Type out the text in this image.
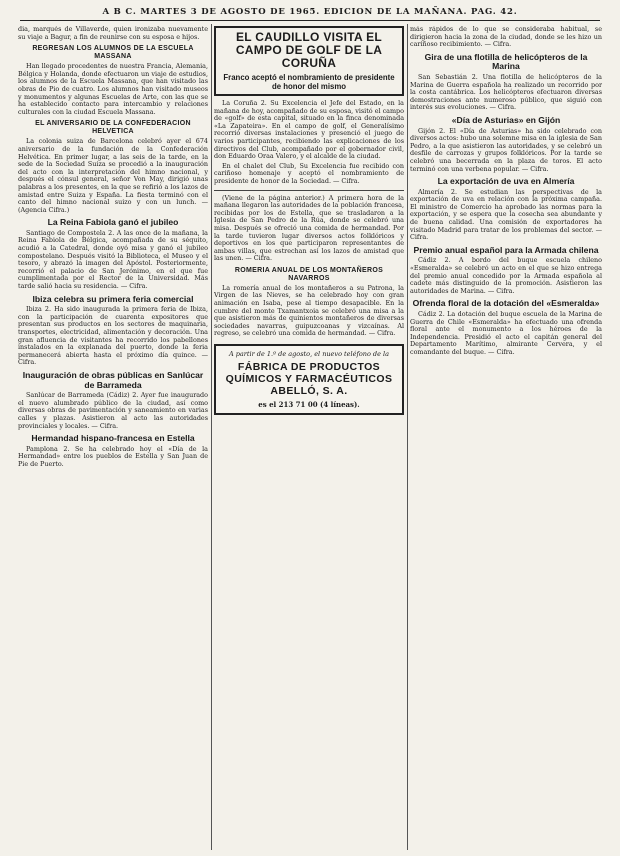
A B C. MARTES 3 DE AGOSTO DE 1965. EDICION DE LA MAÑANA. PAG. 42.
dia, marqués de Villaverde, quien ironizaba nuevamente su viaje a Bagur, a fin de reunirse con su esposa e hijos.
REGRESAN LOS ALUMNOS DE LA ESCUELA MASSANA

Han llegado procedentes de nuestra Francia, Alemania, Bélgica y Holanda, donde efectuaron un viaje de estudios, los alumnos de la Escuela Massana, que han visitado las obras de Pio de cuatro. Los alumnos han visitado museos y monumentos y algunas Escuelas de Arte, con las que se ha establecido contacto para intercambio y relaciones culturales con la ciudad Escuela Massana.

EL ANIVERSARIO DE LA CONFEDERACION HELVETICA

La colonia suiza de Barcelona celebró ayer el 674 aniversario de la fundación de la Confederación Helvética. En primer lugar, a las seis de la tarde, en la sede de la Sociedad Suiza se procedió a la inauguración del acto con la interpretación del himno nacional, y después el cónsul general, señor Von May, dirigió unas palabras a los presentes, en la que se refirió a los lazos de amistad entre Suiza y España. La fiesta terminó con el canto del himno nacional suizo y con un lunch. — (Agencia Cifra.)

La Reina Fabiola ganó el jubileo

Santiago de Compostela 2. A las once de la mañana, la Reina Fabiola de Bélgica, acompañada de su séquito, acudió a la Catedral, donde oyó misa y ganó el jubileo compostelano. Después visitó la Biblioteca, el Museo y el tesoro, y abrazó la imagen del Apóstol. Posteriormente, recorrió el palacio de San Jerónimo, en el que fue cumplimentada por el Rector de la Universidad. Más tarde salió hacia su residencia. — Cifra.

Ibiza celebra su primera feria comercial

Ibiza 2. Ha sido inaugurada la primera feria de Ibiza, con la participación de cuarenta expositores que presentan sus productos en los sectores de maquinaria, transportes, electricidad, alimentación y decoración. Una gran afluencia de visitantes ha recorrido los pabellones instalados en la explanada del puerto, donde la feria permanecerá abierta hasta el próximo día quince. — Cifra.

Inauguración de obras públicas en Sanlúcar de Barrameda

Sanlúcar de Barrameda (Cádiz) 2. Ayer fue inaugurado el nuevo alumbrado público de la ciudad, así como diversas obras de pavimentación y saneamiento en varias calles y plazas. Asistieron al acto las autoridades provinciales y locales. — Cifra.

Hermandad hispano-francesa en Estella

Pamplona 2. Se ha celebrado hoy el «Día de la Hermandad» entre los pueblos de Estella y San Juan de Pie de Puerto.

EL CAUDILLO VISITA EL CAMPO DE GOLF DE LA CORUÑA
Franco aceptó el nombramiento de presidente de honor del mismo

La Coruña 2. Su Excelencia el Jefe del Estado, en la mañana de hoy, acompañado de su esposa, visitó el campo de «golf» de esta capital, situado en la finca denominada «La Zapateira». En el campo de golf, el Generalísimo recorrió diversas instalaciones y presenció el juego de varios participantes, recibiendo las explicaciones de los directivos del Club, acompañado por el gobernador civil, don Eduardo Oraa Valero, y el alcalde de la ciudad.

En el chalet del Club, Su Excelencia fue recibido con cariñoso homenaje y aceptó el nombramiento de presidente de honor de la Sociedad. — Cifra.

(Viene de la página anterior.) A primera hora de la mañana llegaron las autoridades de la población francesa, recibidas por los de Estella, que se trasladaron a la Iglesia de San Pedro de la Rúa, donde se celebró una misa. Después se ofreció una comida de hermandad. Por la tarde tuvieron lugar diversos actos folklóricos y deportivos en los que participaron representantes de ambas villas, que estrechan así los lazos de amistad que las unen. — Cifra.

ROMERIA ANUAL DE LOS MONTAÑEROS NAVARROS

La romería anual de los montañeros a su Patrona, la Virgen de las Nieves, se ha celebrado hoy con gran animación en Isaba, pese al tiempo desapacible. En la cumbre del monte Txamantxoia se celebró una misa a la que asistieron más de quinientos montañeros de diversas sociedades navarras, guipuzcoanas y vizcaínas. Al regreso, se celebró una comida de hermandad. — Cifra.

A partir de 1.º de agosto, el nuevo teléfono de la
FÁBRICA DE PRODUCTOS QUÍMICOS Y FARMACÉUTICOS ABELLÓ, S. A.
es el 213 71 00 (4 líneas).
más rápidos de lo que se consideraba habitual, se dirigieron hacia la zona de la ciudad, donde se les hizo un cariñoso recibimiento. — Cifra.
Gira de una flotilla de helicópteros de la Marina

San Sebastián 2. Una flotilla de helicópteros de la Marina de Guerra española ha realizado un recorrido por la costa cantábrica. Los helicópteros efectuaron diversas demostraciones ante numeroso público, que siguió con interés sus evoluciones. — Cifra.

«Día de Asturias» en Gijón

Gijón 2. El «Día de Asturias» ha sido celebrado con diversos actos: hubo una solemne misa en la iglesia de San Pedro, a la que asistieron las autoridades, y se celebró un desfile de carrozas y grupos folklóricos. Por la tarde se celebró una becerrada en la plaza de toros. El acto terminó con una verbena popular. — Cifra.

La exportación de uva en Almería

Almería 2. Se estudian las perspectivas de la exportación de uva en relación con la próxima campaña. El ministro de Comercio ha aprobado las normas para la exportación, y se espera que la cosecha sea abundante y de buena calidad. Una comisión de exportadores ha visitado Madrid para tratar de los problemas del sector. — Cifra.

Premio anual español para la Armada chilena

Cádiz 2. A bordo del buque escuela chileno «Esmeralda» se celebró un acto en el que se hizo entrega del premio anual concedido por la Armada española al cadete más distinguido de la promoción. Asistieron las autoridades de Marina. — Cifra.

Ofrenda floral de la dotación del «Esmeralda»

Cádiz 2. La dotación del buque escuela de la Marina de Guerra de Chile «Esmeralda» ha efectuado una ofrenda floral ante el monumento a los héroes de la Independencia. Presidió el acto el capitán general del Departamento Marítimo, almirante Cervera, y el comandante del buque. — Cifra.
